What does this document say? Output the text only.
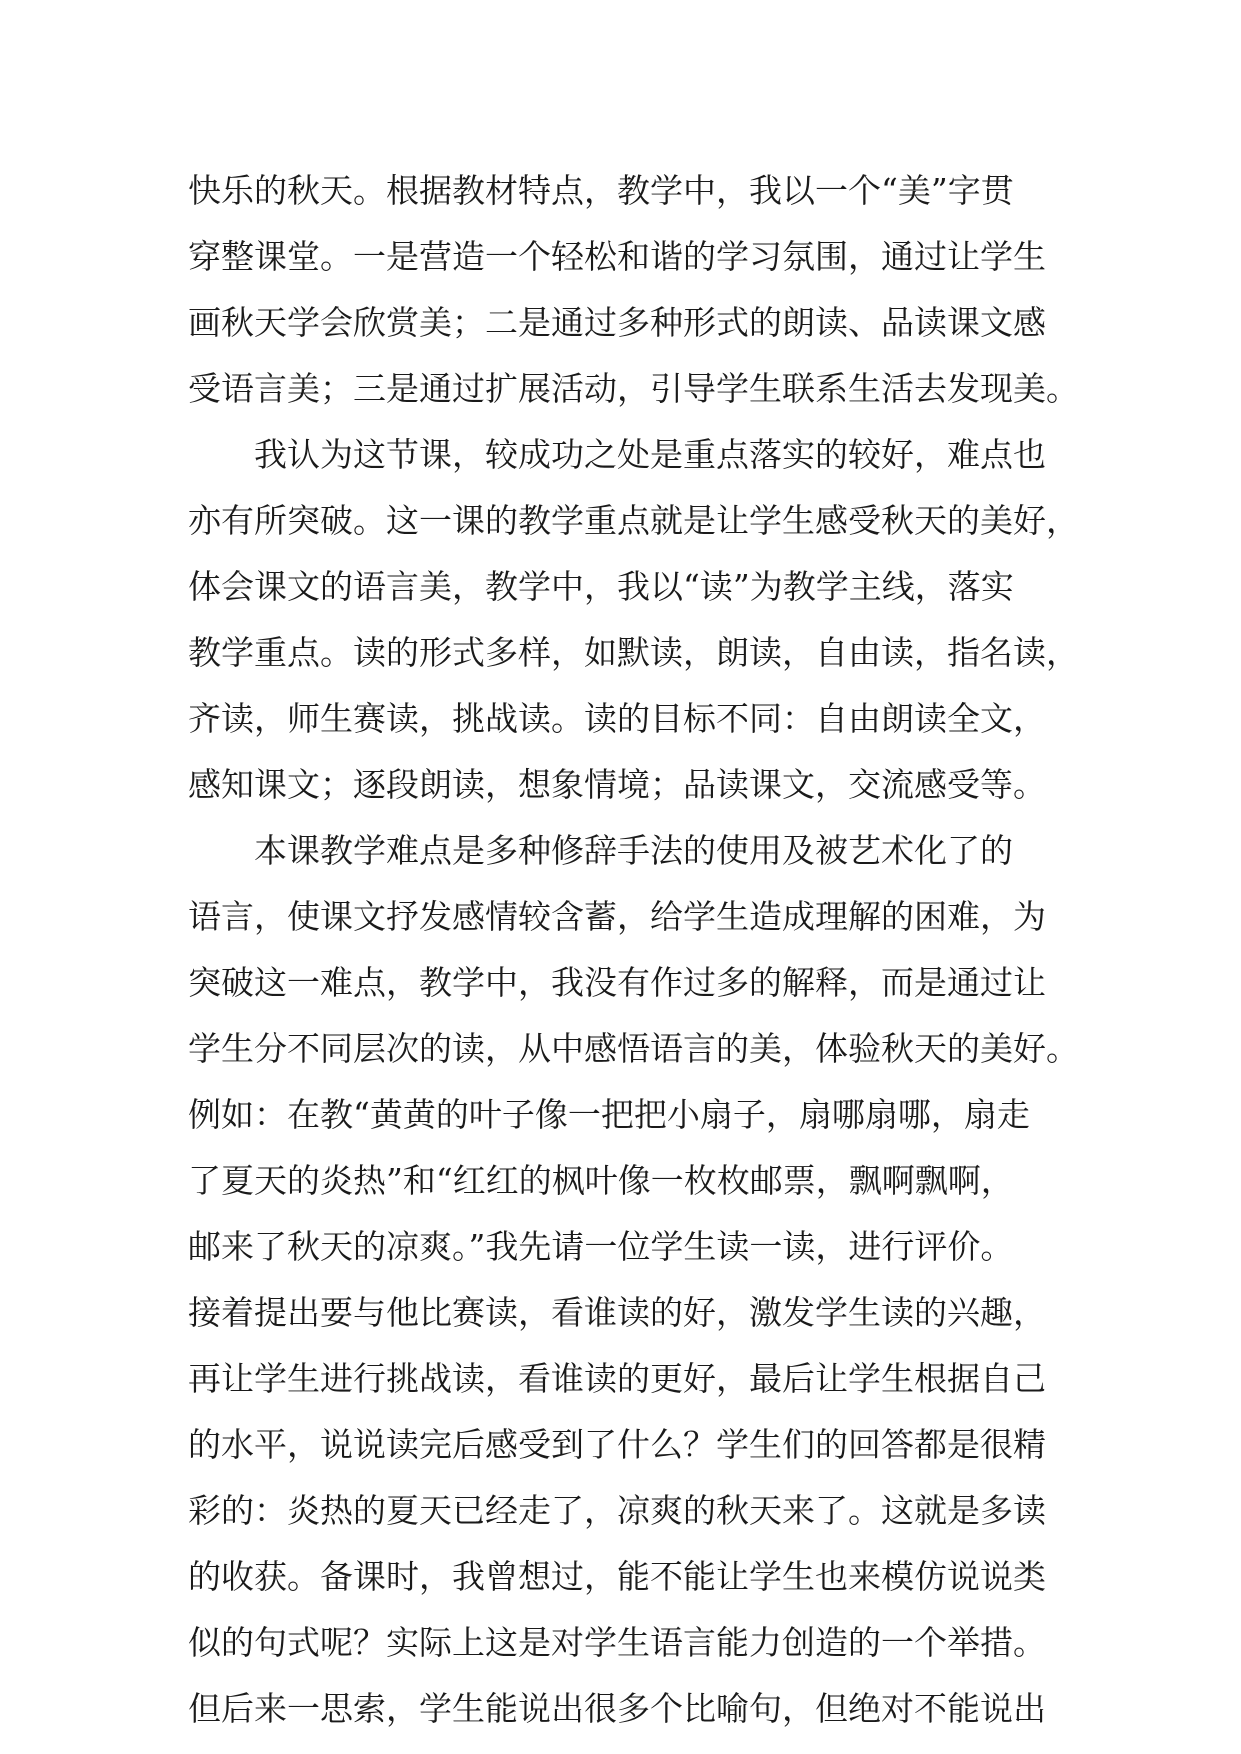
快乐的秋天。根据教材特点，教学中，我以一个“美”字贯
穿整课堂。一是营造一个轻松和谐的学习氛围，通过让学生
画秋天学会欣赏美；二是通过多种形式的朗读、品读课文感
受语言美；三是通过扩展活动，引导学生联系生活去发现美。
我认为这节课，较成功之处是重点落实的较好，难点也
亦有所突破。这一课的教学重点就是让学生感受秋天的美好，
体会课文的语言美，教学中，我以“读”为教学主线，落实
教学重点。读的形式多样，如默读，朗读，自由读，指名读，
齐读，师生赛读，挑战读。读的目标不同：自由朗读全文，
感知课文；逐段朗读，想象情境；品读课文，交流感受等。
本课教学难点是多种修辞手法的使用及被艺术化了的
语言，使课文抒发感情较含蓄，给学生造成理解的困难，为
突破这一难点，教学中，我没有作过多的解释，而是通过让
学生分不同层次的读，从中感悟语言的美，体验秋天的美好。
例如：在教“黄黄的叶子像一把把小扇子，扇哪扇哪，扇走
了夏天的炎热”和“红红的枫叶像一枚枚邮票，飘啊飘啊，
邮来了秋天的凉爽。”我先请一位学生读一读，进行评价。
接着提出要与他比赛读，看谁读的好，激发学生读的兴趣，
再让学生进行挑战读，看谁读的更好，最后让学生根据自己
的水平，说说读完后感受到了什么？学生们的回答都是很精
彩的：炎热的夏天已经走了，凉爽的秋天来了。这就是多读
的收获。备课时，我曾想过，能不能让学生也来模仿说说类
似的句式呢？实际上这是对学生语言能力创造的一个举措。
但后来一思索，学生能说出很多个比喻句，但绝对不能说出
